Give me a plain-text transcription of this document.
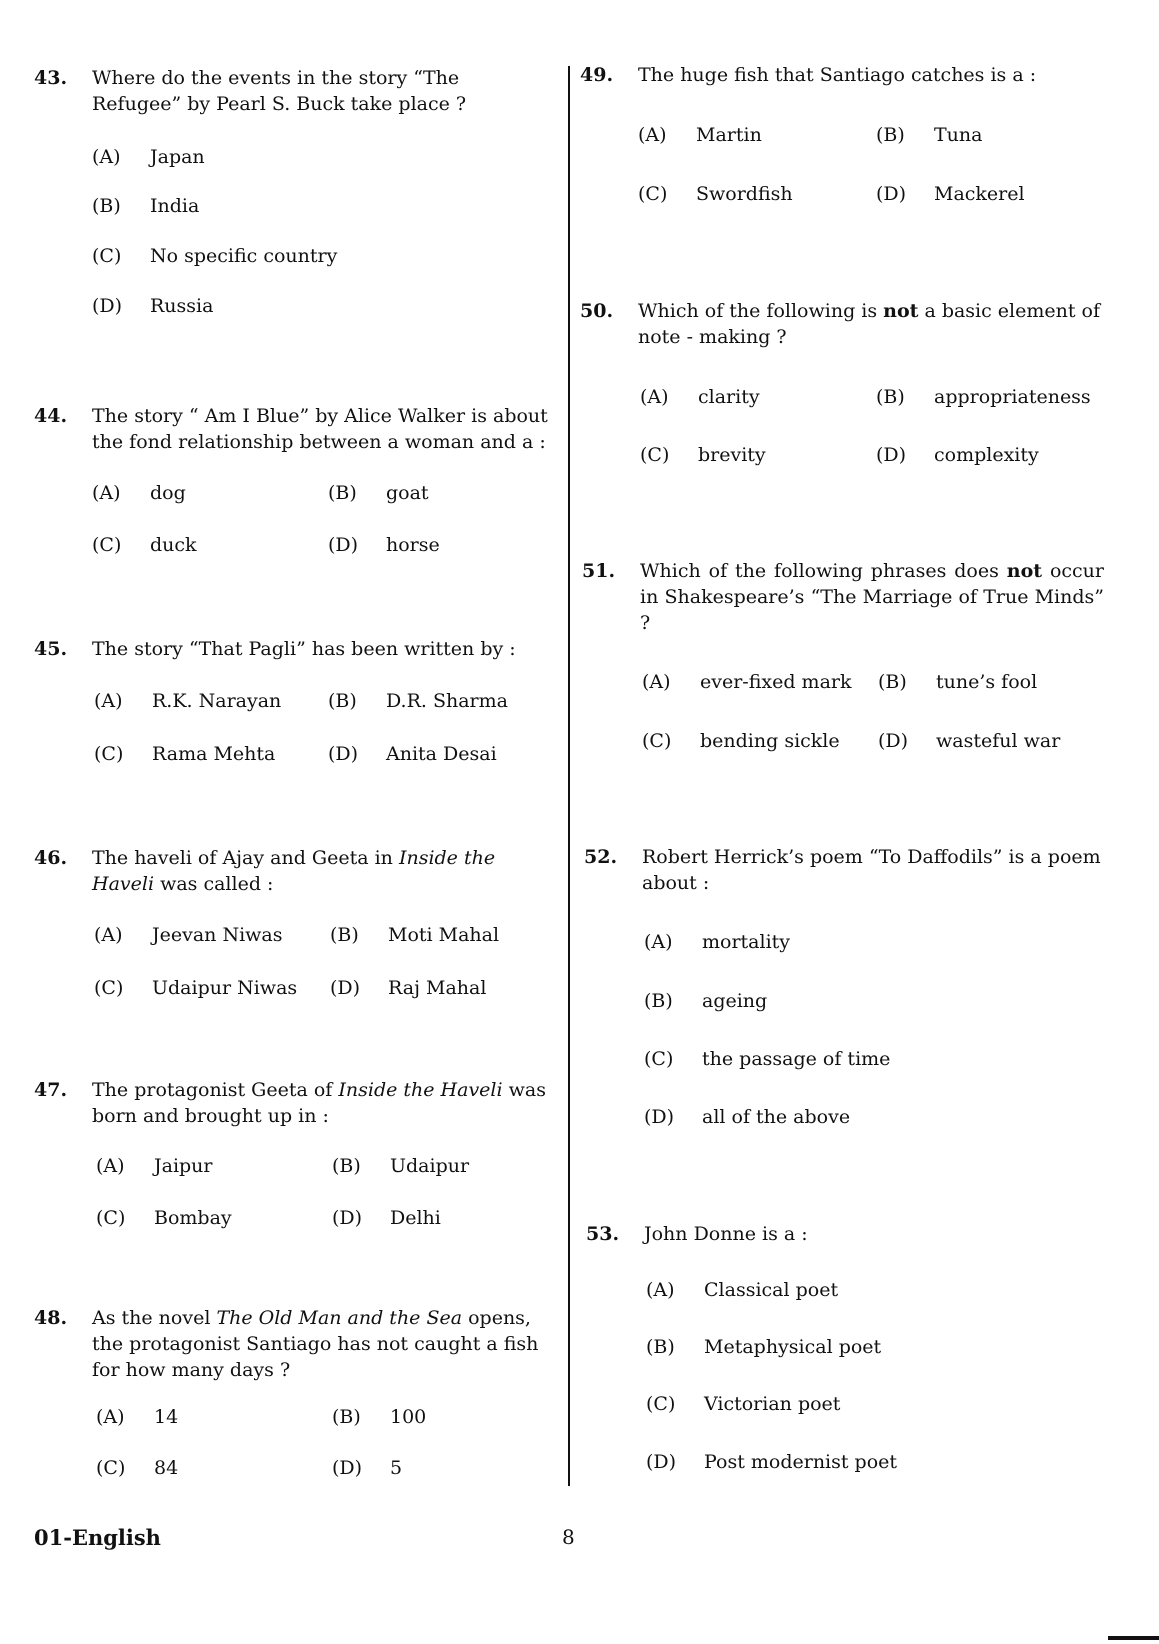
43. Where do the events in the story “The Refugee” by Pearl S. Buck take place ?
(A) Japan
(B) India
(C) No specific country
(D) Russia
44. The story “ Am I Blue” by Alice Walker is about the fond relationship between a woman and a :
(A) dog	(B) goat
(C) duck	(D) horse
45. The story “That Pagli” has been written by :
(A) R.K. Narayan (B) D.R. Sharma
(C) Rama Mehta	(D) Anita Desai
46. The haveli of Ajay and Geeta in Inside the Haveli was called :
(A) Jeevan Niwas	(B) Moti Mahal
(C) Udaipur Niwas (D) Raj Mahal
47. The protagonist Geeta of Inside the Haveli was born and brought up in :
(A) Jaipur	(B) Udaipur
(C) Bombay	(D) Delhi
48. As the novel The Old Man and the Sea opens, the protagonist Santiago has not caught a fish for how many days ?
(A) 14	(B) 100
(C) 84	(D) 5
49. The huge fish that Santiago catches is a :
(A) Martin	(B) Tuna
(C) Swordfish	(D) Mackerel
50. Which of the following is not a basic element of note - making ?
(A) clarity	(B) appropriateness
(C) brevity	(D) complexity
51. Which of the following phrases does not occur in Shakespeare’s “The Marriage of True Minds” ?
(A) ever-fixed mark (B) tune’s fool
(C) bending sickle (D) wasteful war
52. Robert Herrick’s poem “To Daffodils” is a poem about :
(A) mortality
(B) ageing
(C) the passage of time
(D) all of the above
53. John Donne is a :
(A) Classical poet
(B) Metaphysical poet
(C) Victorian poet
(D) Post modernist poet
01-English	8
